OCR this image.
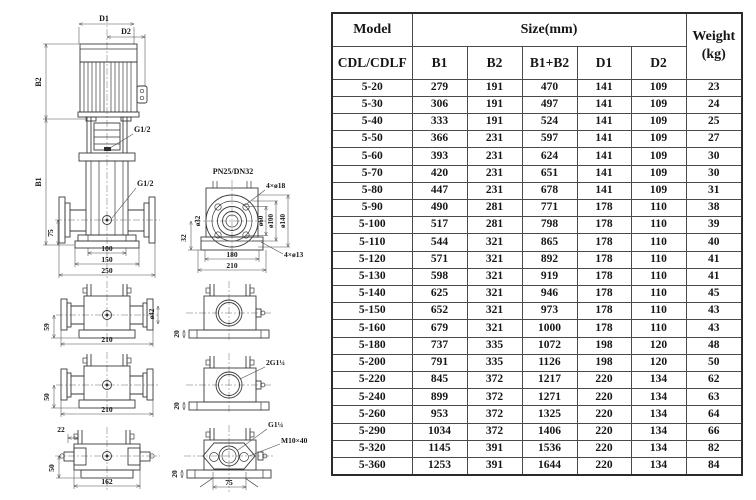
D1
D2
B2
B1
G1/2
G1/2
75
100
150
250
PN25/DN32
4×ø18
ø32	ø60 ø100 ø140
32
180
210
4×ø13
ø42
59
210
50
210
22
50
162
20
2G1¼
20
G1¼
M10×40
20
75
Model	Size(mm)					Weight
(kg)
CDL/CDLF	B1	B2	B1+B2	D1	D2	
5-20	279	191	470	141	109	23
5-30	306	191	497	141	109	24
5-40	333	191	524	141	109	25
5-50	366	231	597	141	109	27
5-60	393	231	624	141	109	30
5-70	420	231	651	141	109	30
5-80	447	231	678	141	109	31
5-90	490	281	771	178	110	38
5-100	517	281	798	178	110	39
5-110	544	321	865	178	110	40
5-120	571	321	892	178	110	41
5-130	598	321	919	178	110	41
5-140	625	321	946	178	110	45
5-150	652	321	973	178	110	43
5-160	679	321	1000	178	110	43
5-180	737	335	1072	198	120	48
5-200	791	335	1126	198	120	50
5-220	845	372	1217	220	134	62
5-240	899	372	1271	220	134	63
5-260	953	372	1325	220	134	64
5-290	1034	372	1406	220	134	66
5-320	1145	391	1536	220	134	82
5-360	1253	391	1644	220	134	84
